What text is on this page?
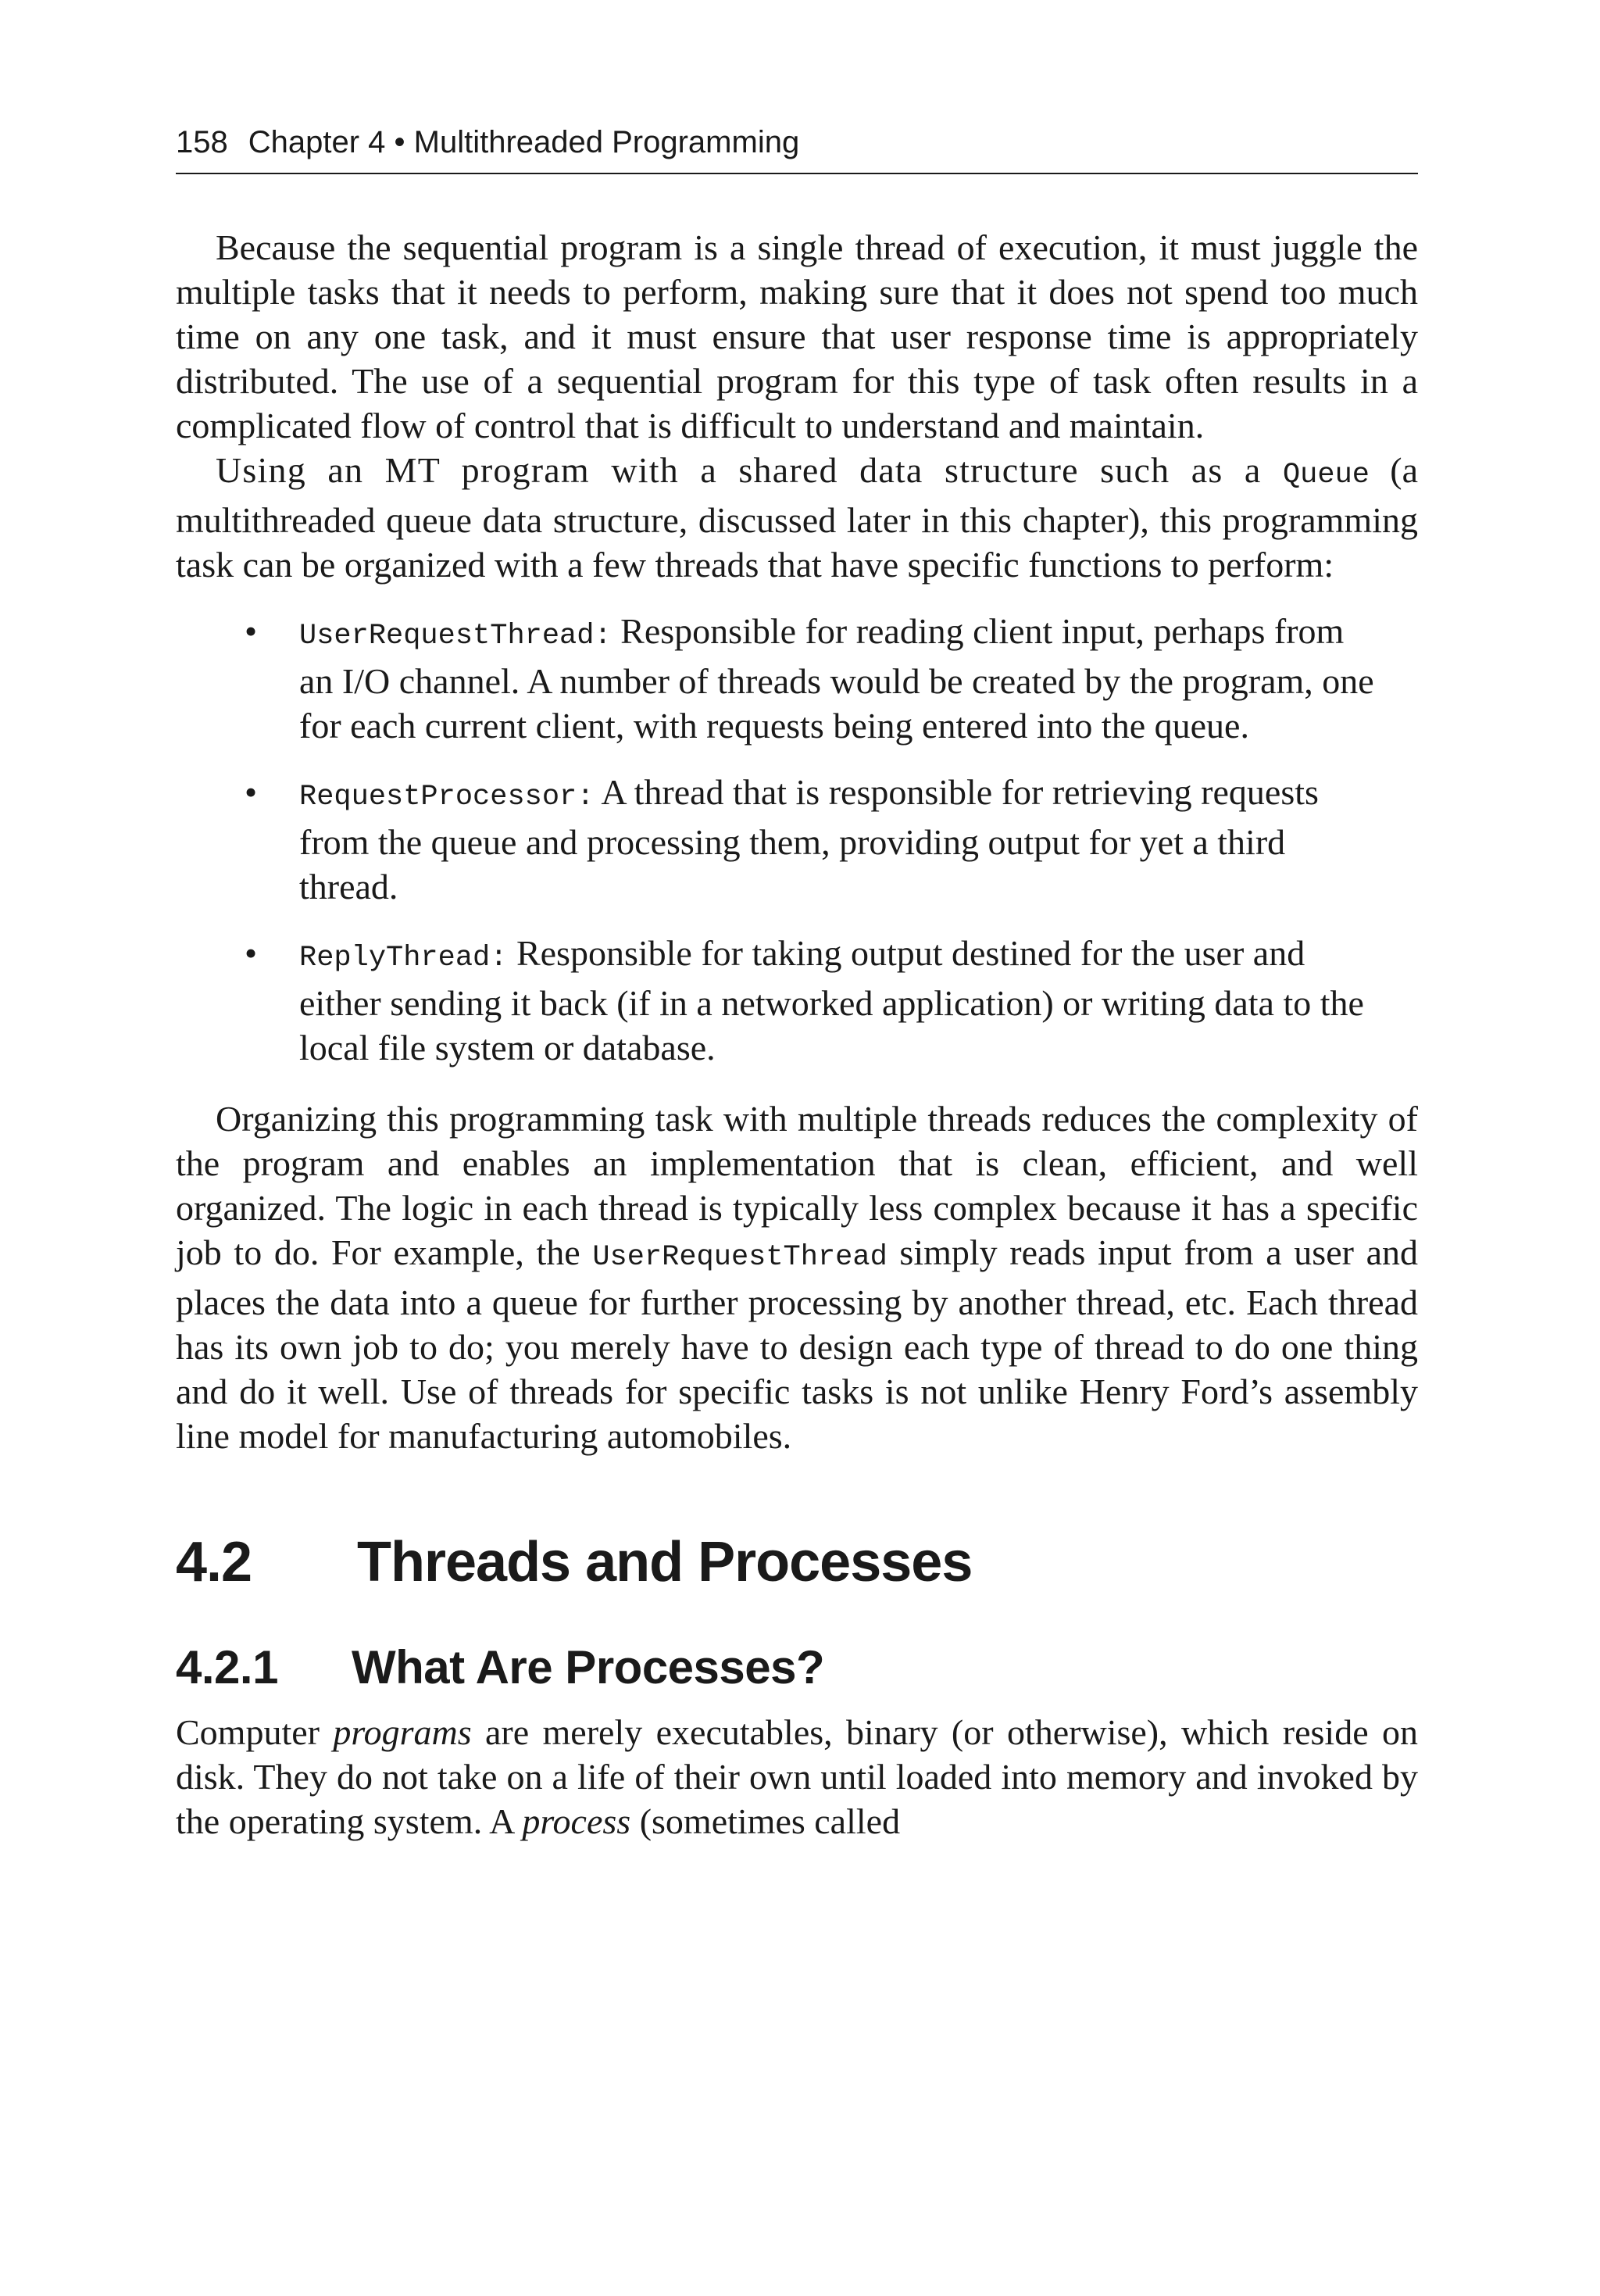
158 Chapter 4 • Multithreaded Programming

Because the sequential program is a single thread of execution, it must juggle the multiple tasks that it needs to perform, making sure that it does not spend too much time on any one task, and it must ensure that user response time is appropriately distributed. The use of a sequential program for this type of task often results in a complicated flow of control that is difficult to understand and maintain.

Using an MT program with a shared data structure such as a Queue (a multithreaded queue data structure, discussed later in this chapter), this programming task can be organized with a few threads that have specific functions to perform:

• UserRequestThread: Responsible for reading client input, perhaps from an I/O channel. A number of threads would be created by the program, one for each current client, with requests being entered into the queue.
• RequestProcessor: A thread that is responsible for retrieving requests from the queue and processing them, providing output for yet a third thread.
• ReplyThread: Responsible for taking output destined for the user and either sending it back (if in a networked application) or writing data to the local file system or database.

Organizing this programming task with multiple threads reduces the complexity of the program and enables an implementation that is clean, efficient, and well organized. The logic in each thread is typically less complex because it has a specific job to do. For example, the UserRequestThread simply reads input from a user and places the data into a queue for further processing by another thread, etc. Each thread has its own job to do; you merely have to design each type of thread to do one thing and do it well. Use of threads for specific tasks is not unlike Henry Ford’s assembly line model for manufacturing automobiles.

4.2 Threads and Processes
4.2.1 What Are Processes?

Computer programs are merely executables, binary (or otherwise), which reside on disk. They do not take on a life of their own until loaded into memory and invoked by the operating system. A process (sometimes called
